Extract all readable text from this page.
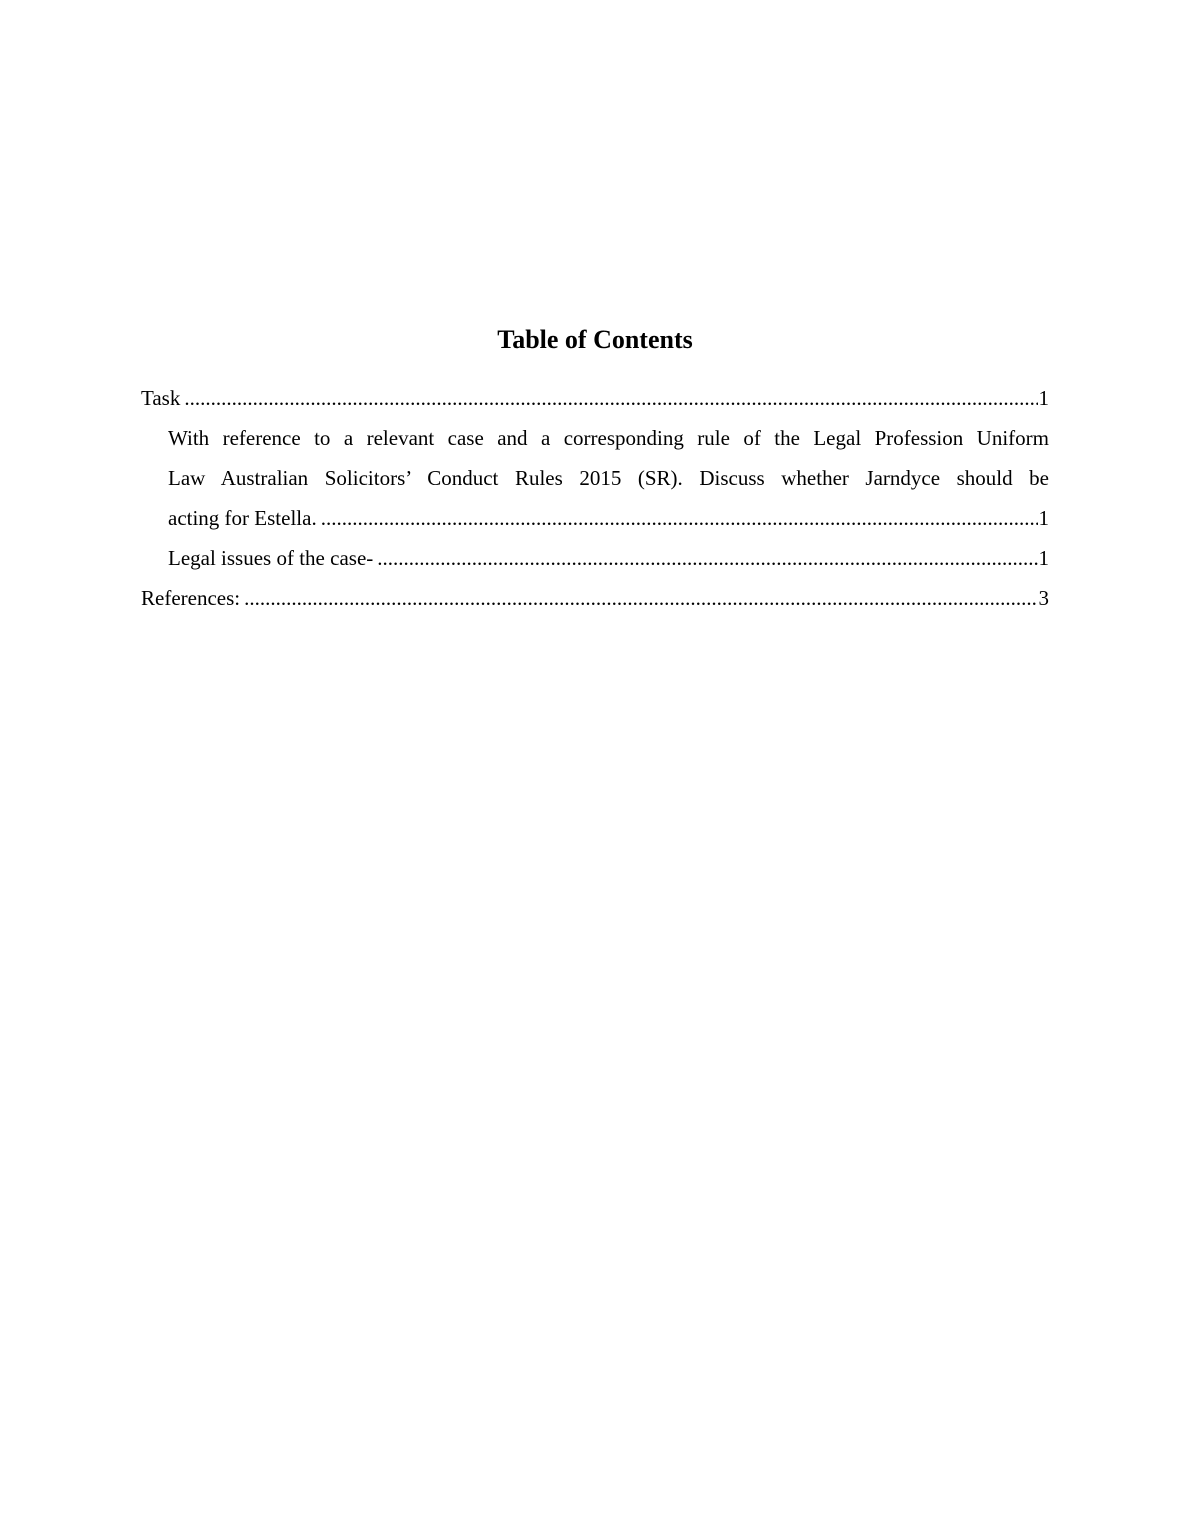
Table of Contents
Task .....	1
With reference to a relevant case and a corresponding rule of the Legal Profession Uniform
Law Australian Solicitors’ Conduct Rules 2015 (SR). Discuss whether Jarndyce should be
acting for Estella. .....	1
Legal issues of the case- .....	1
References: .....	3
